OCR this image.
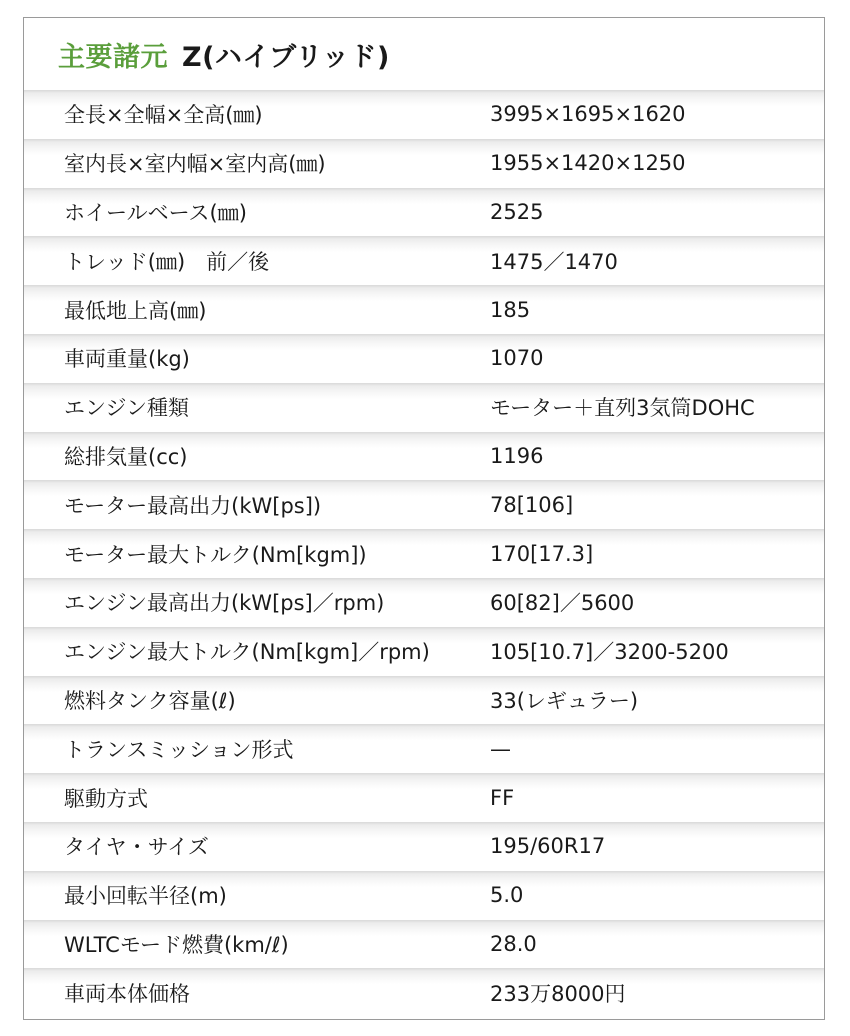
主要諸元 Z(ハイブリッド)
全長×全幅×全高(㎜)	3995×1695×1620
室内長×室内幅×室内高(㎜)	1955×1420×1250
ホイールベース(㎜)	2525
トレッド(㎜)　前／後	1475／1470
最低地上高(㎜)	185
車両重量(kg)	1070
エンジン種類	モーター＋直列3気筒DOHC
総排気量(cc)	1196
モーター最高出力(kW[ps])	78[106]
モーター最大トルク(Nm[kgm])	170[17.3]
エンジン最高出力(kW[ps]／rpm)	60[82]／5600
エンジン最大トルク(Nm[kgm]／rpm)	105[10.7]／3200-5200
燃料タンク容量(ℓ)	33(レギュラー)
トランスミッション形式	—
駆動方式	FF
タイヤ・サイズ	195/60R17
最小回転半径(m)	5.0
WLTCモード燃費(km/ℓ)	28.0
車両本体価格	233万8000円
